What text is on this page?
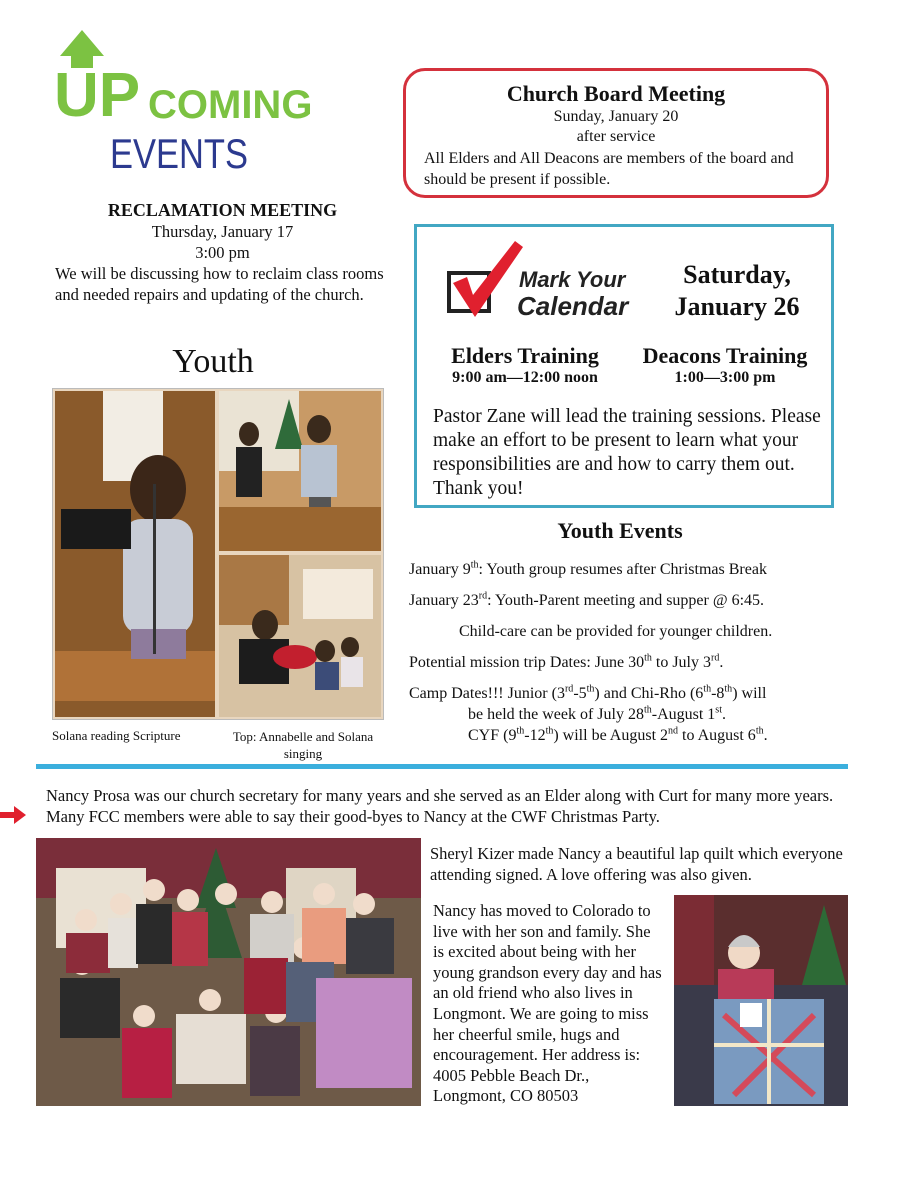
UP COMING
EVENTS
Church Board Meeting
Sunday, January 20
after service
All Elders and All Deacons are members of the board and should be present if possible.
RECLAMATION MEETING
Thursday, January 17
3:00 pm
We will be discussing how to reclaim class rooms and needed repairs and updating of the church.
Youth
Solana reading Scripture	Top: Annabelle and Solana singing
Mark Your
Calendar
Saturday,
January 26
Elders Training
9:00 am—12:00 noon
Deacons Training
1:00—3:00 pm
Pastor Zane will lead the training sessions. Please make an effort to be present to learn what your responsibilities are and how to carry them out. Thank you!
Youth Events
January 9th: Youth group resumes after Christmas Break
January 23rd: Youth-Parent meeting and supper @ 6:45.
Child-care can be provided for younger children.
Potential mission trip Dates: June 30th to July 3rd.
Camp Dates!!! Junior (3rd-5th) and Chi-Rho (6th-8th) will
be held the week of July 28th-August 1st.
CYF (9th-12th) will be August 2nd to August 6th.
Nancy Prosa was our church secretary for many years and she served as an Elder along with Curt for many more years. Many FCC members were able to say their good-byes to Nancy at the CWF Christmas Party.
Sheryl Kizer made Nancy a beautiful lap quilt which everyone attending signed. A love offering was also given.
Nancy has moved to Colorado to live with her son and family. She is excited about being with her young grandson every day and has an old friend who also lives in Longmont. We are going to miss her cheerful smile, hugs and encouragement. Her address is: 4005 Pebble Beach Dr., Longmont, CO 80503
